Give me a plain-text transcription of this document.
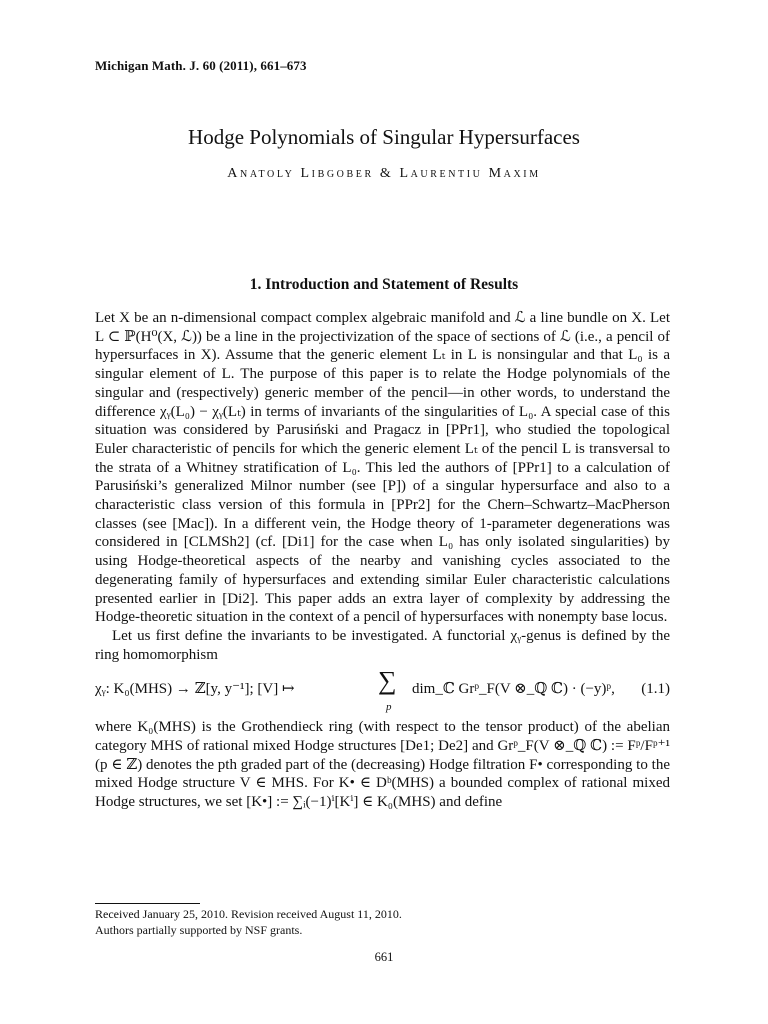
Michigan Math. J. 60 (2011), 661–673
Hodge Polynomials of Singular Hypersurfaces
Anatoly Libgober & Laurentiu Maxim
1. Introduction and Statement of Results

Let X be an n-dimensional compact complex algebraic manifold and ℒ a line bundle on X. Let L ⊂ ℙ(H⁰(X, ℒ)) be a line in the projectivization of the space of sections of ℒ (i.e., a pencil of hypersurfaces in X). Assume that the generic element Lₜ in L is nonsingular and that L₀ is a singular element of L. The purpose of this paper is to relate the Hodge polynomials of the singular and (respectively) generic member of the pencil—in other words, to understand the difference χᵧ(L₀) − χᵧ(Lₜ) in terms of invariants of the singularities of L₀. A special case of this situation was considered by Parusiński and Pragacz in [PPr1], who studied the topological Euler characteristic of pencils for which the generic element Lₜ of the pencil L is transversal to the strata of a Whitney stratification of L₀. This led the authors of [PPr1] to a calculation of Parusiński’s generalized Milnor number (see [P]) of a singular hypersurface and also to a characteristic class version of this formula in [PPr2] for the Chern–Schwartz–MacPherson classes (see [Mac]). In a different vein, the Hodge theory of 1-parameter degenerations was considered in [CLMSh2] (cf. [Di1] for the case when L₀ has only isolated singularities) by using Hodge-theoretical aspects of the nearby and vanishing cycles associated to the degenerating family of hypersurfaces and extending similar Euler characteristic calculations presented earlier in [Di2]. This paper adds an extra layer of complexity by addressing the Hodge-theoretic situation in the context of a pencil of hypersurfaces with nonempty base locus.

Let us first define the invariants to be investigated. A functorial χᵧ-genus is defined by the ring homomorphism

χᵧ: K₀(MHS) → ℤ[y, y⁻¹]; [V] ↦	∑
p
dim_ℂ Grᵖ_F(V ⊗_ℚ ℂ) · (−y)ᵖ, (1.1)

where K₀(MHS) is the Grothendieck ring (with respect to the tensor product) of the abelian category MHS of rational mixed Hodge structures [De1; De2] and Grᵖ_F(V ⊗_ℚ ℂ) := Fᵖ/Fᵖ⁺¹ (p ∈ ℤ) denotes the pth graded part of the (decreasing) Hodge filtration F• corresponding to the mixed Hodge structure V ∈ MHS. For K• ∈ Dᵇ(MHS) a bounded complex of rational mixed Hodge structures, we set [K•] := ∑ᵢ(−1)ⁱ[Kⁱ] ∈ K₀(MHS) and define

Received January 25, 2010. Revision received August 11, 2010.
Authors partially supported by NSF grants.
661
